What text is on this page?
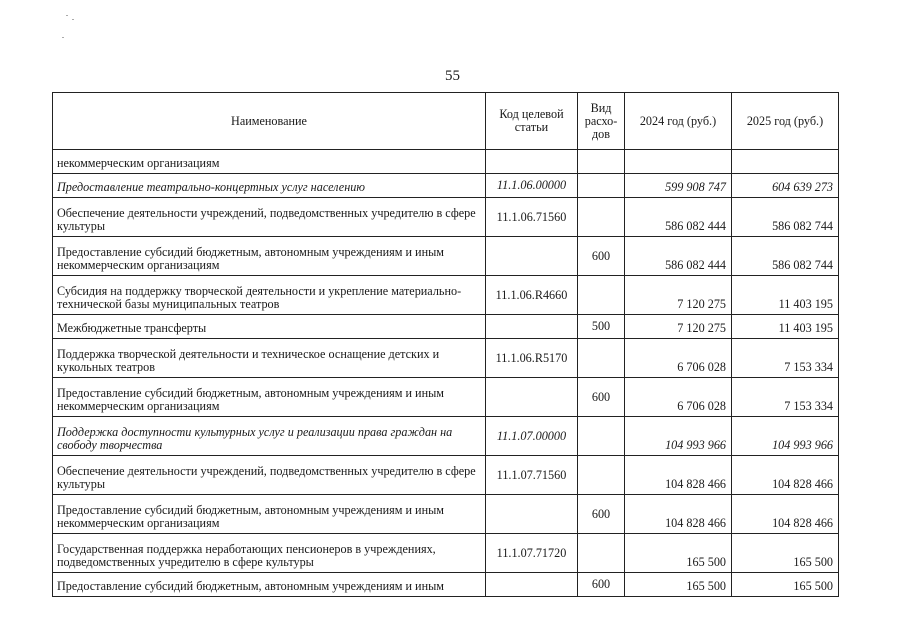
55
Наименование	Код целевой статьи	Вид расхо-дов	2024 год (руб.)	2025 год (руб.)
некоммерческим организациям				
Предоставление театрально-концертных услуг населению	11.1.06.00000		599 908 747	604 639 273
Обеспечение деятельности учреждений, подведомственных учредителю в сфере культуры	11.1.06.71560		586 082 444	586 082 744
Предоставление субсидий бюджетным, автономным учреждениям и иным некоммерческим организациям		600	586 082 444	586 082 744
Субсидия на поддержку творческой деятельности и укрепление материально-технической базы муниципальных театров	11.1.06.R4660		7 120 275	11 403 195
Межбюджетные трансферты		500	7 120 275	11 403 195
Поддержка творческой деятельности и техническое оснащение детских и кукольных театров	11.1.06.R5170		6 706 028	7 153 334
Предоставление субсидий бюджетным, автономным учреждениям и иным некоммерческим организациям		600	6 706 028	7 153 334
Поддержка доступности культурных услуг и реализации права граждан на свободу творчества	11.1.07.00000		104 993 966	104 993 966
Обеспечение деятельности учреждений, подведомственных учредителю в сфере культуры	11.1.07.71560		104 828 466	104 828 466
Предоставление субсидий бюджетным, автономным учреждениям и иным некоммерческим организациям		600	104 828 466	104 828 466
Государственная поддержка неработающих пенсионеров в учреждениях, подведомственных учредителю в сфере культуры	11.1.07.71720		165 500	165 500
Предоставление субсидий бюджетным, автономным учреждениям и иным		600	165 500	165 500
